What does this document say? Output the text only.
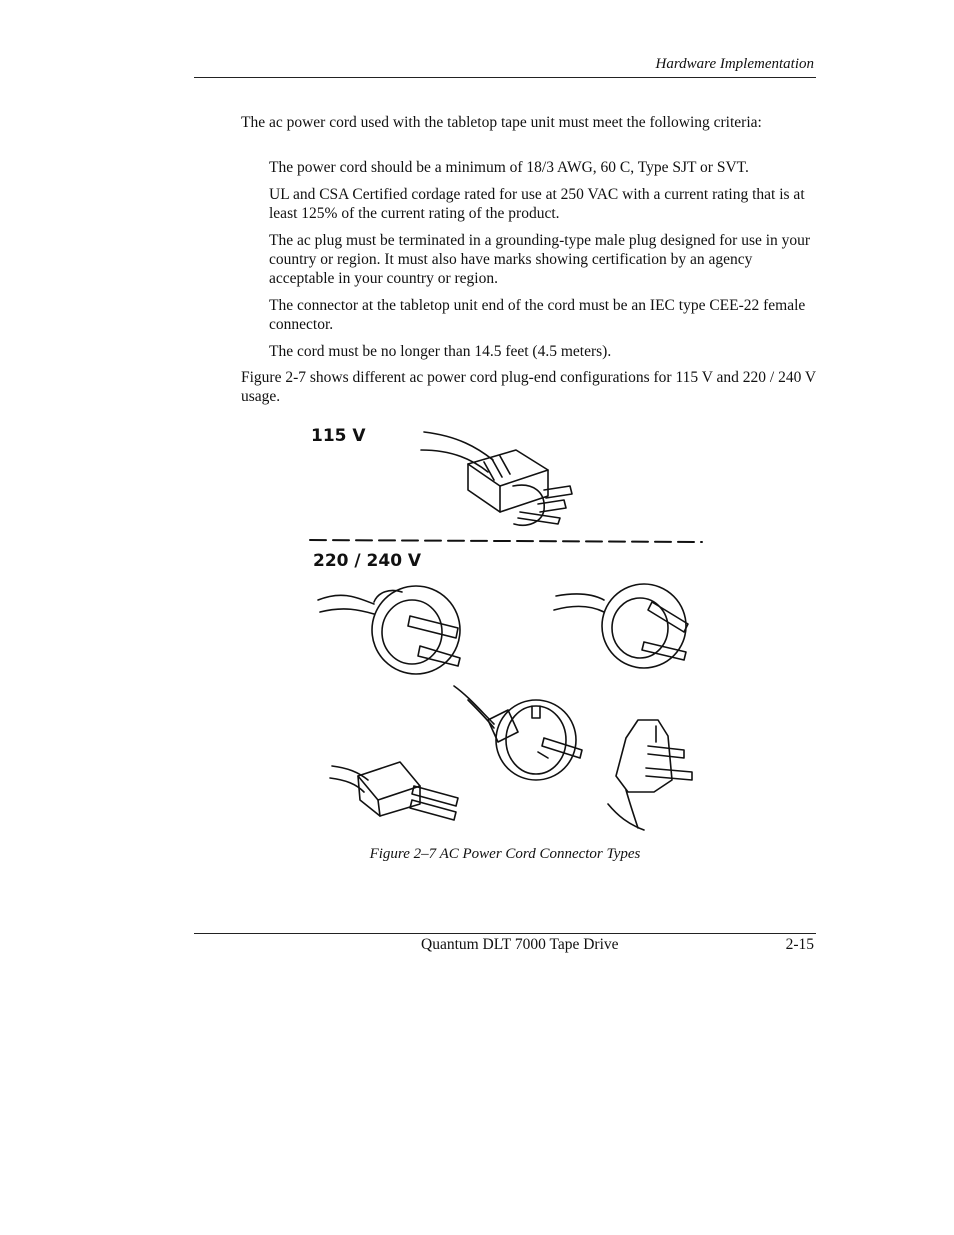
Hardware Implementation

The ac power cord used with the tabletop tape unit must meet the following criteria:

The power cord should be a minimum of 18/3 AWG, 60 C, Type SJT or SVT.

UL and CSA Certified cordage rated for use at 250 VAC with a current rating that is at least 125% of the current rating of the product.

The ac plug must be terminated in a grounding-type male plug designed for use in your country or region. It must also have marks showing certification by an agency acceptable in your country or region.

The connector at the tabletop unit end of the cord must be an IEC type CEE-22 female connector.

The cord must be no longer than 14.5 feet (4.5 meters).

Figure 2-7 shows different ac power cord plug-end configurations for 115 V and 220 / 240 V usage.

115 V
220 / 240 V
Figure 2–7 AC Power Cord Connector Types
Quantum DLT 7000 Tape Drive	2-15
